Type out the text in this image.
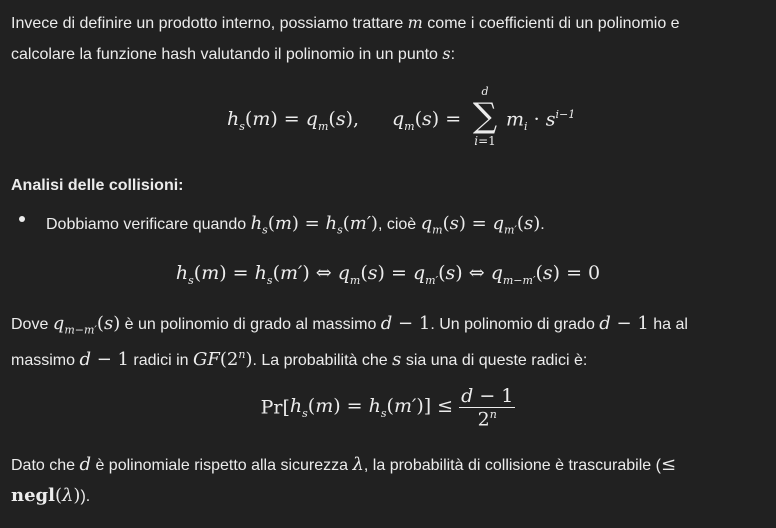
Invece di definire un prodotto interno, possiamo trattare m come i coefficienti di un polinomio e
calcolare la funzione hash valutando il polinomio in un punto s:
$h_s(m) = q_m(s)$, $q_m(s)$ =
d
∑
i=1
$m_i \cdot s^{i-1}$
Analisi delle collisioni:
Dobbiamo verificare quando $h_s(m) = h_s(m')$, cioè $q_m(s) = q_{m'}(s)$.
$h_s(m) = h_s(m')$ ⇔ $q_m(s) = q_{m'}(s)$ ⇔ $q_{m-m'}(s) = 0$
Dove $q_{m-m'}(s)$ è un polinomio di grado al massimo d − 1. Un polinomio di grado d − 1 ha al
massimo d − 1 radici in GF(2$^n$). La probabilità che s sia una di queste radici è:
$Pr[h_s(m) = h_s(m')] \le \frac{d - 1}{2^n}$
Dato che d è polinomiale rispetto alla sicurezza λ, la probabilità di collisione è trascurabile (≤
negl(λ)).
